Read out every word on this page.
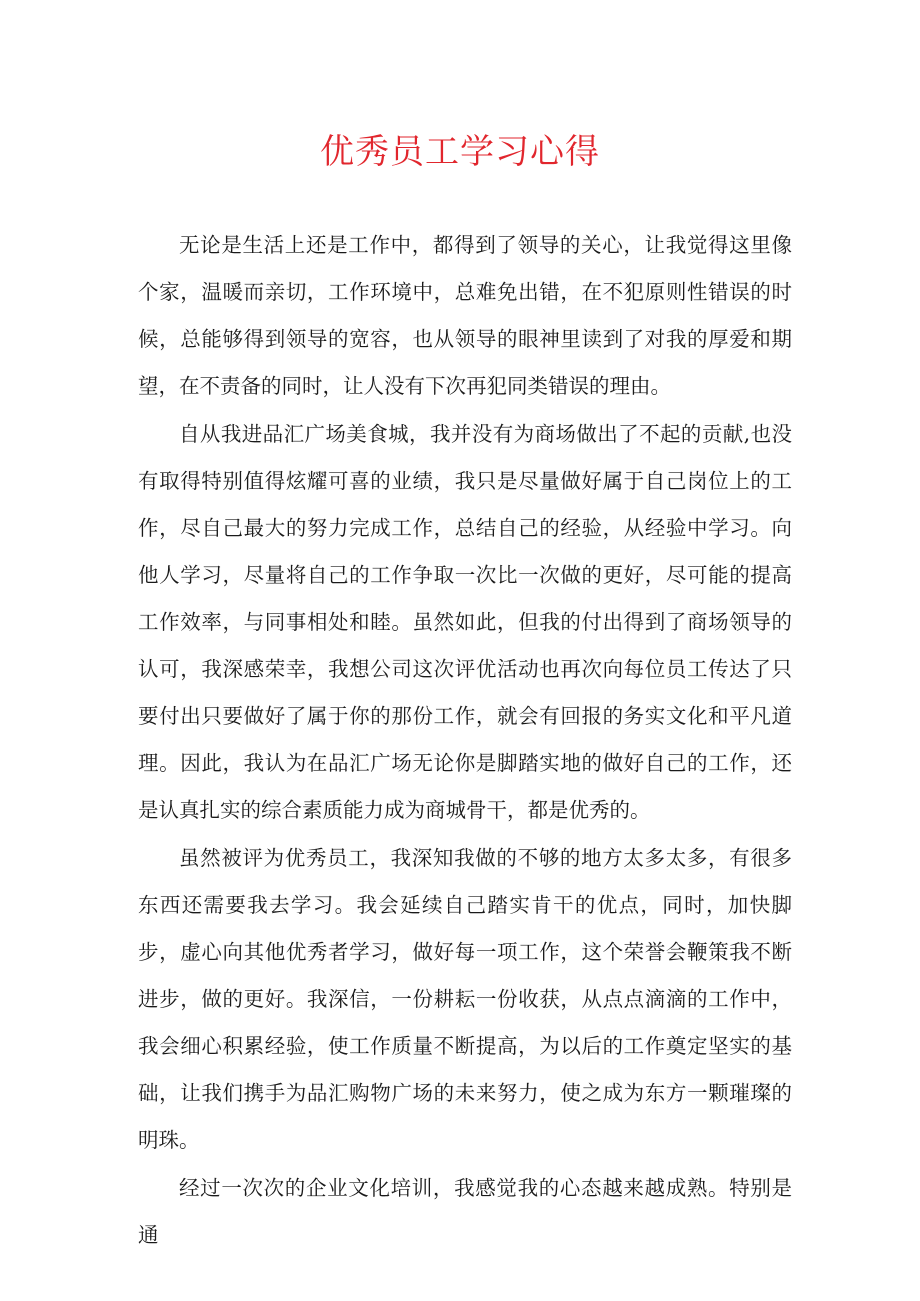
优秀员工学习心得

无论是生活上还是工作中，都得到了领导的关心，让我觉得这里像个家，温暖而亲切，工作环境中，总难免出错，在不犯原则性错误的时候，总能够得到领导的宽容，也从领导的眼神里读到了对我的厚爱和期望，在不责备的同时，让人没有下次再犯同类错误的理由。

自从我进品汇广场美食城，我并没有为商场做出了不起的贡献,也没有取得特别值得炫耀可喜的业绩，我只是尽量做好属于自己岗位上的工作，尽自己最大的努力完成工作，总结自己的经验，从经验中学习。向他人学习，尽量将自己的工作争取一次比一次做的更好，尽可能的提高工作效率，与同事相处和睦。虽然如此，但我的付出得到了商场领导的认可，我深感荣幸，我想公司这次评优活动也再次向每位员工传达了只要付出只要做好了属于你的那份工作，就会有回报的务实文化和平凡道理。因此，我认为在品汇广场无论你是脚踏实地的做好自己的工作，还是认真扎实的综合素质能力成为商城骨干，都是优秀的。

虽然被评为优秀员工，我深知我做的不够的地方太多太多，有很多东西还需要我去学习。我会延续自己踏实肯干的优点，同时，加快脚步，虚心向其他优秀者学习，做好每一项工作，这个荣誉会鞭策我不断进步，做的更好。我深信，一份耕耘一份收获，从点点滴滴的工作中，我会细心积累经验，使工作质量不断提高，为以后的工作奠定坚实的基础，让我们携手为品汇购物广场的未来努力，使之成为东方一颗璀璨的明珠。

经过一次次的企业文化培训，我感觉我的心态越来越成熟。特别是通
